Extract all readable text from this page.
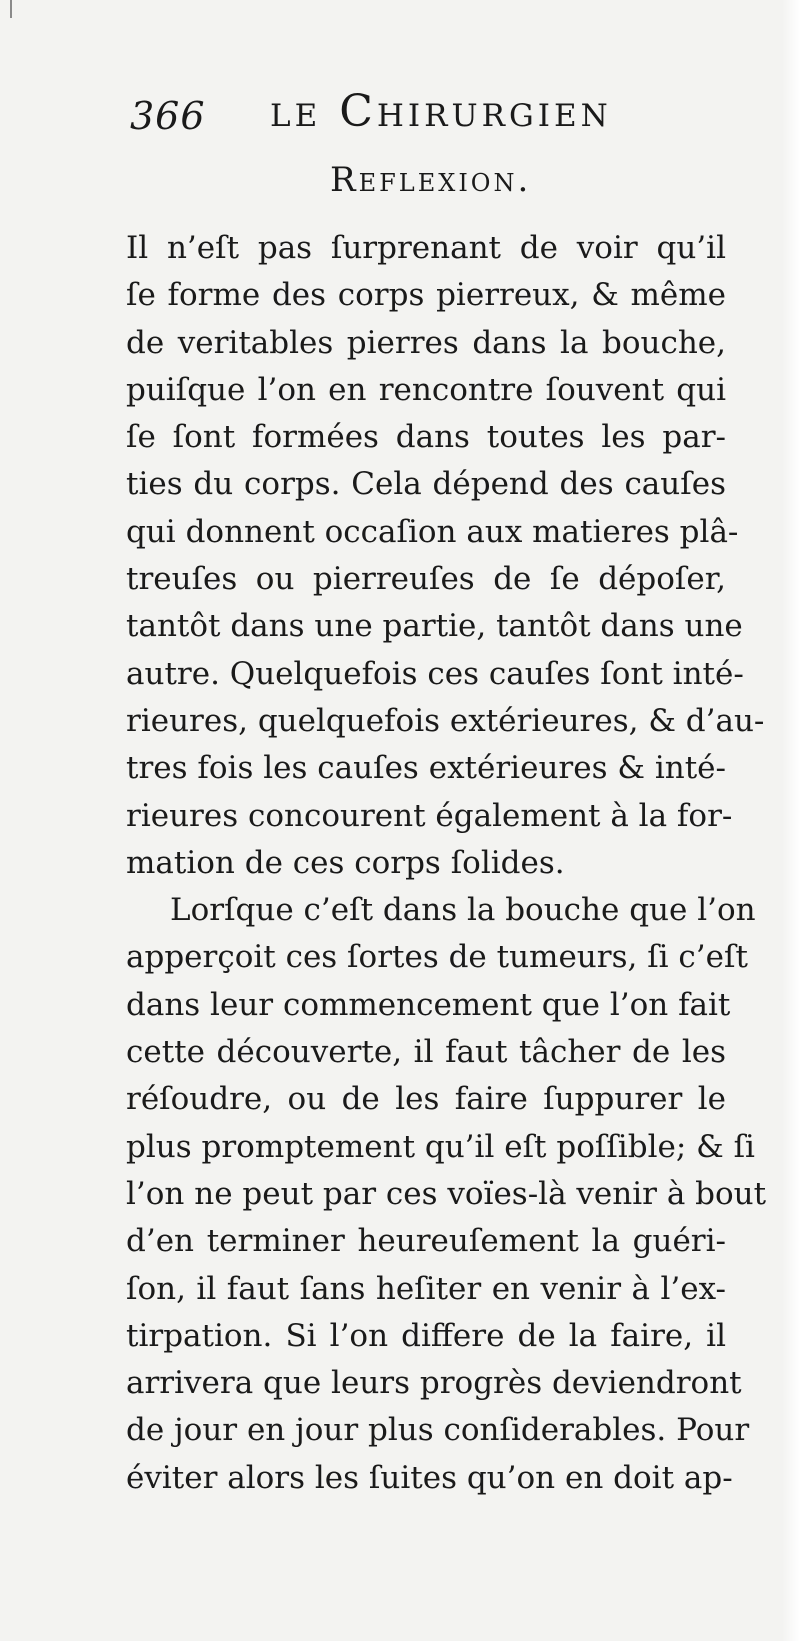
366 le Chirurgien
Reflexion.
Il n’eſt pas ſurprenant de voir qu’il
ſe forme des corps pierreux, & même
de veritables pierres dans la bouche,
puiſque l’on en rencontre ſouvent qui
ſe ſont formées dans toutes les par-
ties du corps. Cela dépend des cauſes
qui donnent occaſion aux matieres plâ-
treuſes ou pierreuſes de ſe dépoſer,
tantôt dans une partie, tantôt dans une
autre. Quelquefois ces cauſes ſont inté-
rieures, quelquefois extérieures, & d’au-
tres fois les cauſes extérieures & inté-
rieures concourent également à la for-
mation de ces corps ſolides.
Lorſque c’eſt dans la bouche que l’on
apperçoit ces ſortes de tumeurs, ſi c’eſt
dans leur commencement que l’on fait
cette découverte, il faut tâcher de les
réſoudre, ou de les faire ſuppurer le
plus promptement qu’il eſt poſſible; & ſi
l’on ne peut par ces voïes-là venir à bout
d’en terminer heureuſement la guéri-
ſon, il faut ſans heſiter en venir à l’ex-
tirpation. Si l’on differe de la faire, il
arrivera que leurs progrès deviendront
de jour en jour plus conſiderables. Pour
éviter alors les ſuites qu’on en doit ap-
